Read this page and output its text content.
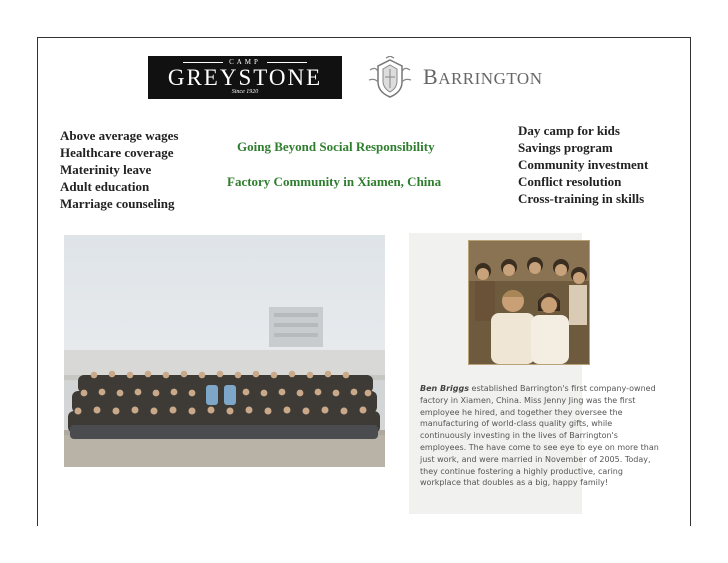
CAMP
GREYSTONE
Since 1920
BARRINGTON
Above average wages
Healthcare coverage
Materinity leave
Adult education
Marriage counseling
Going Beyond Social Responsibility
Factory Community in Xiamen, China
Day camp for kids
Savings program
Community investment
Conflict resolution
Cross-training in skills
Ben Briggs established Barrington's first company-owned factory in Xiamen, China. Miss Jenny Jing was the first employee he hired, and together they oversee the manufacturing of world-class quality gifts, while continuously investing in the lives of Barrington's employees. The have come to see eye to eye on more than just work, and were married in November of 2005. Today, they continue fostering a highly productive, caring workplace that doubles as a big, happy family!
